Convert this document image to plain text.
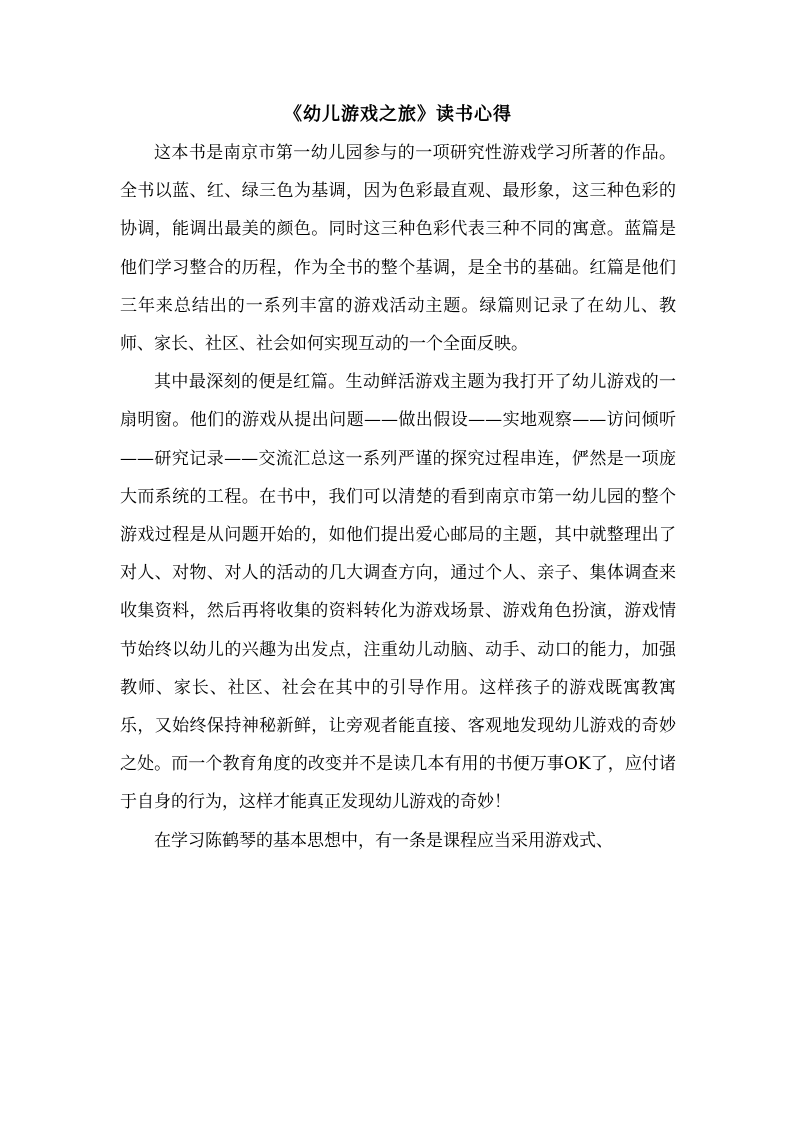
《幼儿游戏之旅》读书心得

这本书是南京市第一幼儿园参与的一项研究性游戏学习所著的作品。全书以蓝、红、绿三色为基调，因为色彩最直观、最形象，这三种色彩的协调，能调出最美的颜色。同时这三种色彩代表三种不同的寓意。蓝篇是他们学习整合的历程，作为全书的整个基调，是全书的基础。红篇是他们三年来总结出的一系列丰富的游戏活动主题。绿篇则记录了在幼儿、教师、家长、社区、社会如何实现互动的一个全面反映。

其中最深刻的便是红篇。生动鲜活游戏主题为我打开了幼儿游戏的一扇明窗。他们的游戏从提出问题——做出假设——实地观察——访问倾听——研究记录——交流汇总这一系列严谨的探究过程串连，俨然是一项庞大而系统的工程。在书中，我们可以清楚的看到南京市第一幼儿园的整个游戏过程是从问题开始的，如他们提出爱心邮局的主题，其中就整理出了对人、对物、对人的活动的几大调查方向，通过个人、亲子、集体调查来收集资料，然后再将收集的资料转化为游戏场景、游戏角色扮演，游戏情节始终以幼儿的兴趣为出发点，注重幼儿动脑、动手、动口的能力，加强教师、家长、社区、社会在其中的引导作用。这样孩子的游戏既寓教寓乐，又始终保持神秘新鲜，让旁观者能直接、客观地发现幼儿游戏的奇妙之处。而一个教育角度的改变并不是读几本有用的书便万事OK了，应付诸于自身的行为，这样才能真正发现幼儿游戏的奇妙！

在学习陈鹤琴的基本思想中，有一条是课程应当采用游戏式、
